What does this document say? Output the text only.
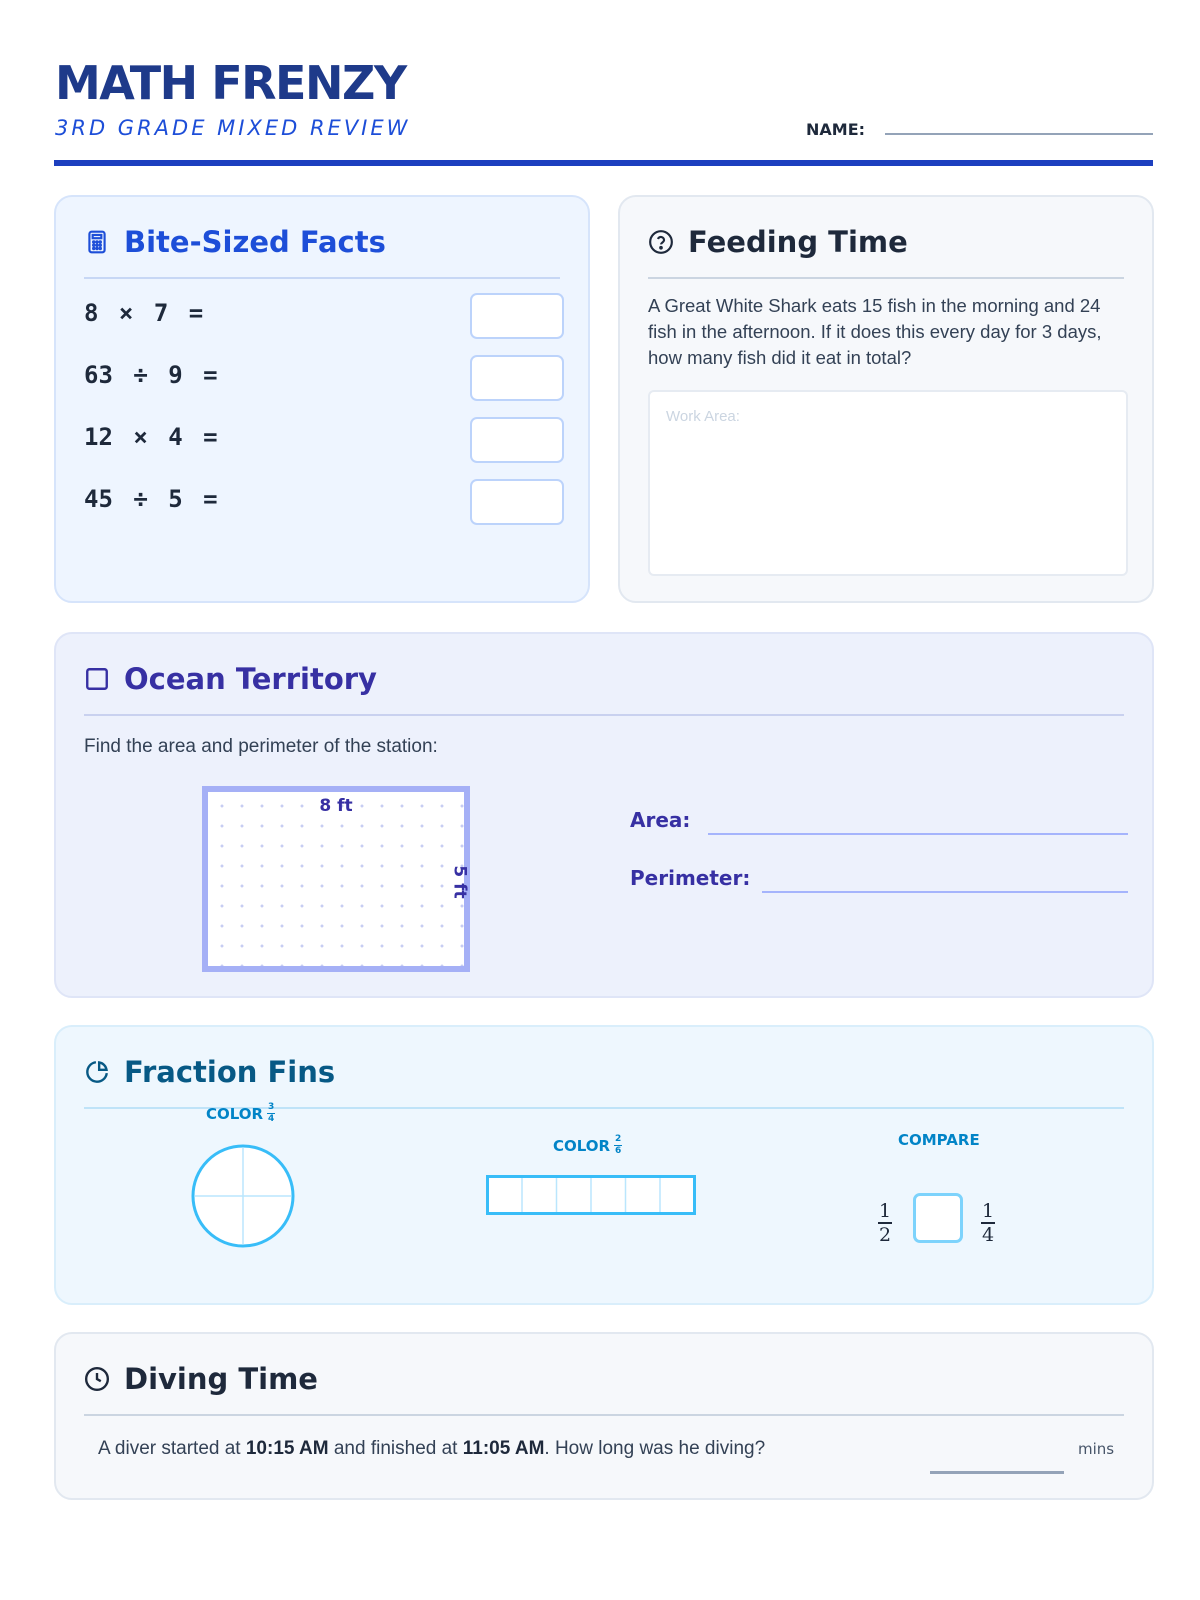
MATH FRENZY
3RD GRADE MIXED REVIEW	NAME:
Bite-Sized Facts
8 × 7 =
63 ÷ 9 =
12 × 4 =
45 ÷ 5 =
Feeding Time
A Great White Shark eats 15 fish in the morning and 24 fish in the afternoon. If it does this every day for 3 days, how many fish did it eat in total?
Work Area:
Ocean Territory
Find the area and perimeter of the station:
8 ft
5 ft
Area:
Perimeter:
Fraction Fins
COLOR $\frac{3}{4}$
COLOR $\frac{2}{6}$	COMPARE
1
2
1
4
Diving Time
A diver started at 10:15 AM and finished at 11:05 AM. How long was he diving?	mins
